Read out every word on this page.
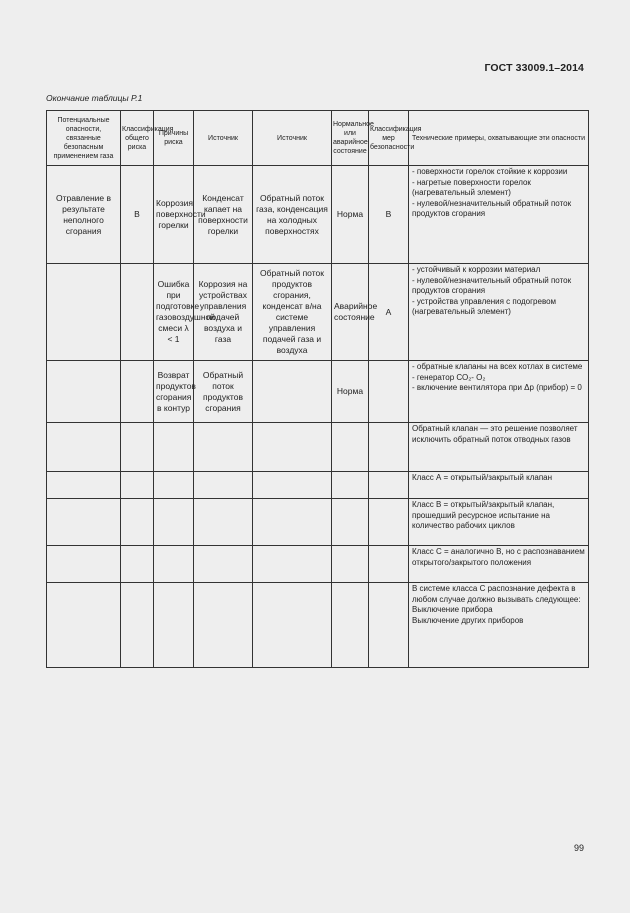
ГОСТ 33009.1–2014
Окончание таблицы Р.1
Потенциальные опасности, связанные безопасным применением газа	Классификация общего риска	Причины риска	Источник	Источник	Нормальное или аварийное состояние	Классификация мер безопасности	Технические примеры, охватывающие эти опасности
Отравление в результате неполного сгорания	В	Коррозия поверхности горелки	Конденсат капает на поверхности горелки	Обратный поток газа, конденсация на холодных поверхностях	Норма	В	- поверхности горелок стойкие к коррозии
- нагретые поверхности горелок (нагревательный элемент)
- нулевой/незначительный обратный поток продуктов сгорания

		Ошибка при подготовке газовоздушной смеси λ < 1	Коррозия на устройствах управления подачей воздуха и газа	Обратный поток продуктов сгорания, конденсат в/на системе управления подачей газа и воздуха	Аварийное состояние	А	- устойчивый к коррозии материал
- нулевой/незначительный обратный поток продуктов сгорания
- устройства управления с подогревом (нагревательный элемент)

		Возврат продуктов сгорания в контур	Обратный поток продуктов сгорания		Норма		- обратные клапаны на всех котлах в системе
- генератор СО₂- О₂
- включение вентилятора при Δp (прибор) = 0

							Обратный клапан — это решение позволяет исключить обратный поток отводных газов

							Класс А = открытый/закрытый клапан

							Класс В = открытый/закрытый клапан, прошедший ресурсное испытание на количество рабочих циклов

							Класс С = аналогично В, но с распознаванием открытого/закрытого положения

							В системе класса С распознание дефекта в любом случае должно вызывать следующее:
Выключение прибора
Выключение других приборов
99
